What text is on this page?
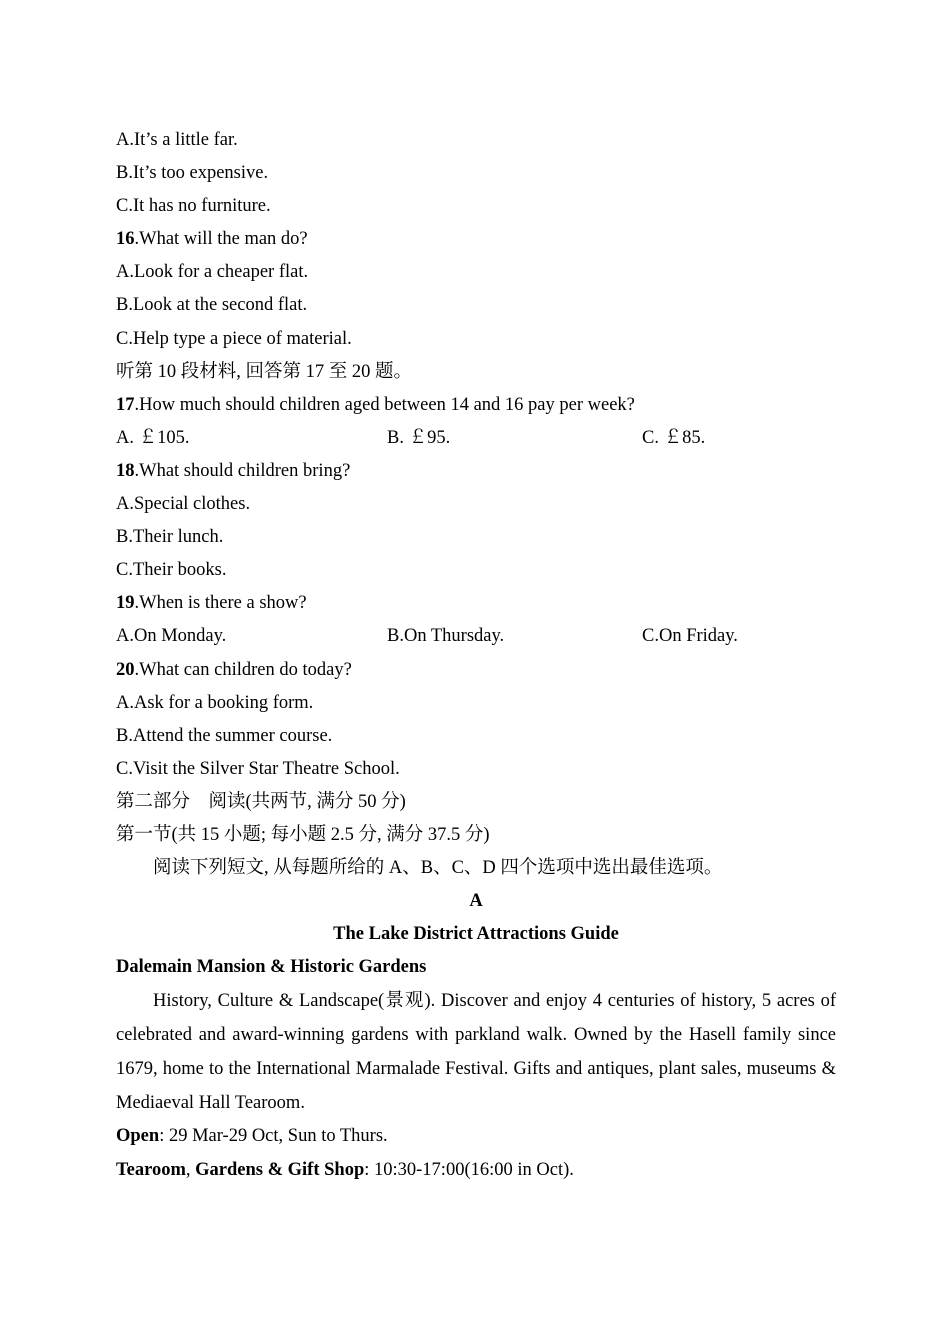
A.It’s a little far.
B.It’s too expensive.
C.It has no furniture.
16.What will the man do?
A.Look for a cheaper flat.
B.Look at the second flat.
C.Help type a piece of material.
听第 10 段材料, 回答第 17 至 20 题。
17.How much should children aged between 14 and 16 pay per week?
A. ￡105.	B. ￡95.	C. ￡85.
18.What should children bring?
A.Special clothes.
B.Their lunch.
C.Their books.
19.When is there a show?
A.On Monday.	B.On Thursday.	C.On Friday.
20.What can children do today?
A.Ask for a booking form.
B.Attend the summer course.
C.Visit the Silver Star Theatre School.
第二部分　阅读(共两节, 满分 50 分)
第一节(共 15 小题; 每小题 2.5 分, 满分 37.5 分)
阅读下列短文, 从每题所给的 A、B、C、D 四个选项中选出最佳选项。
A
The Lake District Attractions Guide
Dalemain Mansion & Historic Gardens

History, Culture & Landscape(景观). Discover and enjoy 4 centuries of history, 5 acres of celebrated and award-winning gardens with parkland walk. Owned by the Hasell family since 1679, home to the International Marmalade Festival. Gifts and antiques, plant sales, museums & Mediaeval Hall Tearoom.

Open: 29 Mar-29 Oct, Sun to Thurs.
Tearoom, Gardens & Gift Shop: 10:30-17:00(16:00 in Oct).
